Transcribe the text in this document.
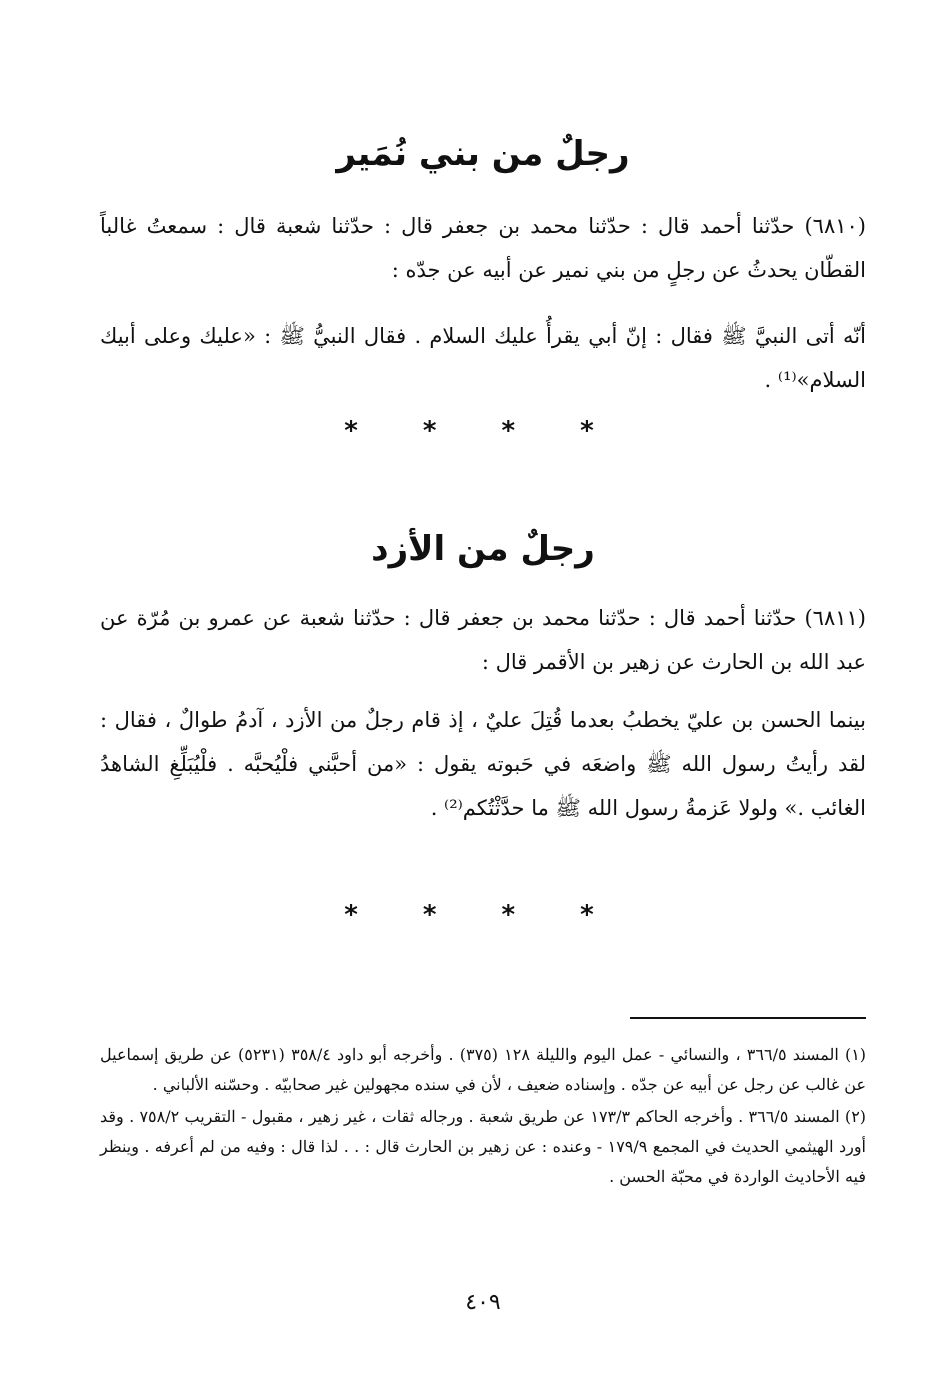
رجلٌ من بني نُمَير

(٦٨١٠) حدّثنا أحمد قال : حدّثنا محمد بن جعفر قال : حدّثنا شعبة قال : سمعتُ غالباً القطّان يحدثُ عن رجلٍ من بني نمير عن أبيه عن جدّه :

أنّه أتى النبيَّ ﷺ فقال : إنّ أبي يقرأُ عليك السلام . فقال النبيُّ ﷺ : «عليك وعلى أبيك السلام»⁽¹⁾ .

* * * *
رجلٌ من الأزد

(٦٨١١) حدّثنا أحمد قال : حدّثنا محمد بن جعفر قال : حدّثنا شعبة عن عمرو بن مُرّة عن عبد الله بن الحارث عن زهير بن الأقمر قال :

بينما الحسن بن عليّ يخطبُ بعدما قُتِلَ عليٌ ، إذ قام رجلٌ من الأزد ، آدمُ طوالٌ ، فقال : لقد رأيتُ رسول الله ﷺ واضعَه في حَبوته يقول : «من أحبَّني فلْيُحبَّه . فلْيُبَلِّغِ الشاهدُ الغائب .» ولولا عَزمةُ رسول الله ﷺ ما حدَّثْتُكم⁽²⁾ .

* * * *

(١) المسند ٣٦٦/٥ ، والنسائي - عمل اليوم والليلة ١٢٨ (٣٧٥) . وأخرجه أبو داود ٣٥٨/٤ (٥٢٣١) عن طريق إسماعيل عن غالب عن رجل عن أبيه عن جدّه . وإسناده ضعيف ، لأن في سنده مجهولين غير صحابيّه . وحسّنه الألباني .

(٢) المسند ٣٦٦/٥ . وأخرجه الحاكم ١٧٣/٣ عن طريق شعبة . ورجاله ثقات ، غير زهير ، مقبول - التقريب ٧٥٨/٢ . وقد أورد الهيثمي الحديث في المجمع ١٧٩/٩ - وعنده : عن زهير بن الحارث قال : . . لذا قال : وفيه من لم أعرفه . وينظر فيه الأحاديث الواردة في محبّة الحسن .

٤٠٩
